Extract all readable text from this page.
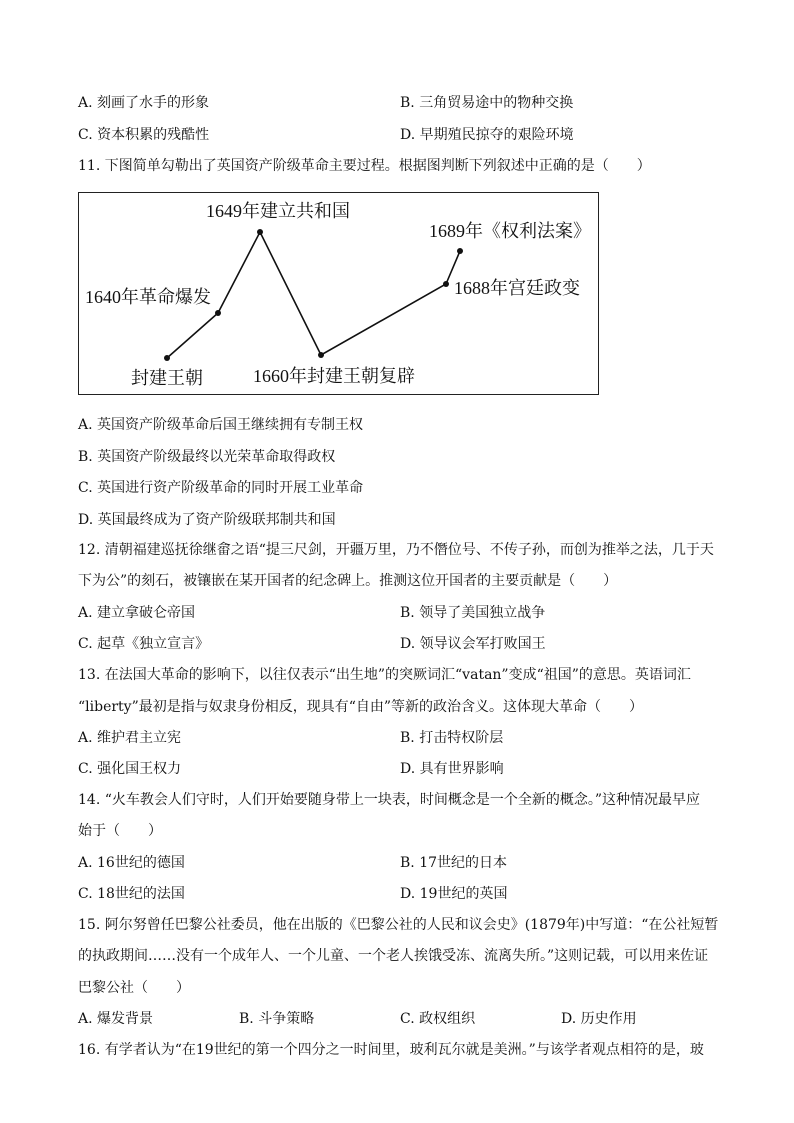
A. 刻画了水手的形象	B. 三角贸易途中的物种交换
C. 资本积累的残酷性	D. 早期殖民掠夺的艰险环境
11. 下图简单勾勒出了英国资产阶级革命主要过程。根据图判断下列叙述中正确的是（　　）
封建王朝
1640年革命爆发
1649年建立共和国
1660年封建王朝复辟
1688年宫廷政变
1689年《权利法案》
A. 英国资产阶级革命后国王继续拥有专制王权
B. 英国资产阶级最终以光荣革命取得政权
C. 英国进行资产阶级革命的同时开展工业革命
D. 英国最终成为了资产阶级联邦制共和国
12. 清朝福建巡抚徐继畲之语“提三尺剑，开疆万里，乃不僭位号、不传子孙，而创为推举之法，几于天
下为公”的刻石，被镶嵌在某开国者的纪念碑上。推测这位开国者的主要贡献是（　　）
A. 建立拿破仑帝国	B. 领导了美国独立战争
C. 起草《独立宣言》	D. 领导议会军打败国王
13. 在法国大革命的影响下，以往仅表示“出生地”的突厥词汇“vatan”变成“祖国”的意思。英语词汇
“liberty”最初是指与奴隶身份相反，现具有“自由”等新的政治含义。这体现大革命（　　）
A. 维护君主立宪	B. 打击特权阶层
C. 强化国王权力	D. 具有世界影响
14. “火车教会人们守时，人们开始要随身带上一块表，时间概念是一个全新的概念。”这种情况最早应
始于（　　）
A. 16世纪的德国	B. 17世纪的日本
C. 18世纪的法国	D. 19世纪的英国
15. 阿尔努曾任巴黎公社委员，他在出版的《巴黎公社的人民和议会史》(1879年)中写道：“在公社短暂
的执政期间……没有一个成年人、一个儿童、一个老人挨饿受冻、流离失所。”这则记载，可以用来佐证
巴黎公社（　　）
A. 爆发背景	B. 斗争策略	C. 政权组织	D. 历史作用
16. 有学者认为“在19世纪的第一个四分之一时间里，玻利瓦尔就是美洲。”与该学者观点相符的是，玻
